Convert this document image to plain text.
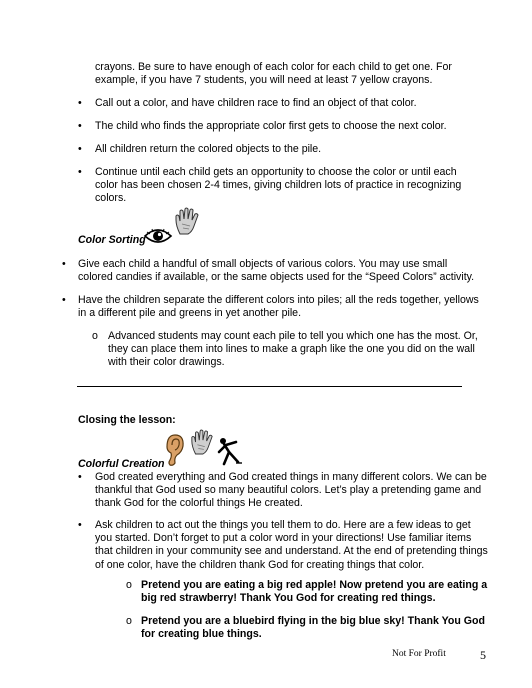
crayons. Be sure to have enough of each color for each child to get one. For example, if you have 7 students, you will need at least 7 yellow crayons.

• Call out a color, and have children race to find an object of that color.

• The child who finds the appropriate color first gets to choose the next color.

• All children return the colored objects to the pile.

• Continue until each child gets an opportunity to choose the color or until each color has been chosen 2-4 times, giving children lots of practice in recognizing colors.

Color Sorting
• Give each child a handful of small objects of various colors. You may use small colored candies if available, or the same objects used for the “Speed Colors” activity.

• Have the children separate the different colors into piles; all the reds together, yellows in a different pile and greens in yet another pile.

o Advanced students may count each pile to tell you which one has the most. Or, they can place them into lines to make a graph like the one you did on the wall with their color drawings.

Closing the lesson:
Colorful Creation
• God created everything and God created things in many different colors. We can be thankful that God used so many beautiful colors. Let’s play a pretending game and thank God for the colorful things He created.

• Ask children to act out the things you tell them to do. Here are a few ideas to get you started. Don’t forget to put a color word in your directions! Use familiar items that children in your community see and understand. At the end of pretending things of one color, have the children thank God for creating things that color.

o Pretend you are eating a big red apple! Now pretend you are eating a big red strawberry! Thank You God for creating red things.

o Pretend you are a bluebird flying in the big blue sky! Thank You God for creating blue things.

Not For Profit	5
